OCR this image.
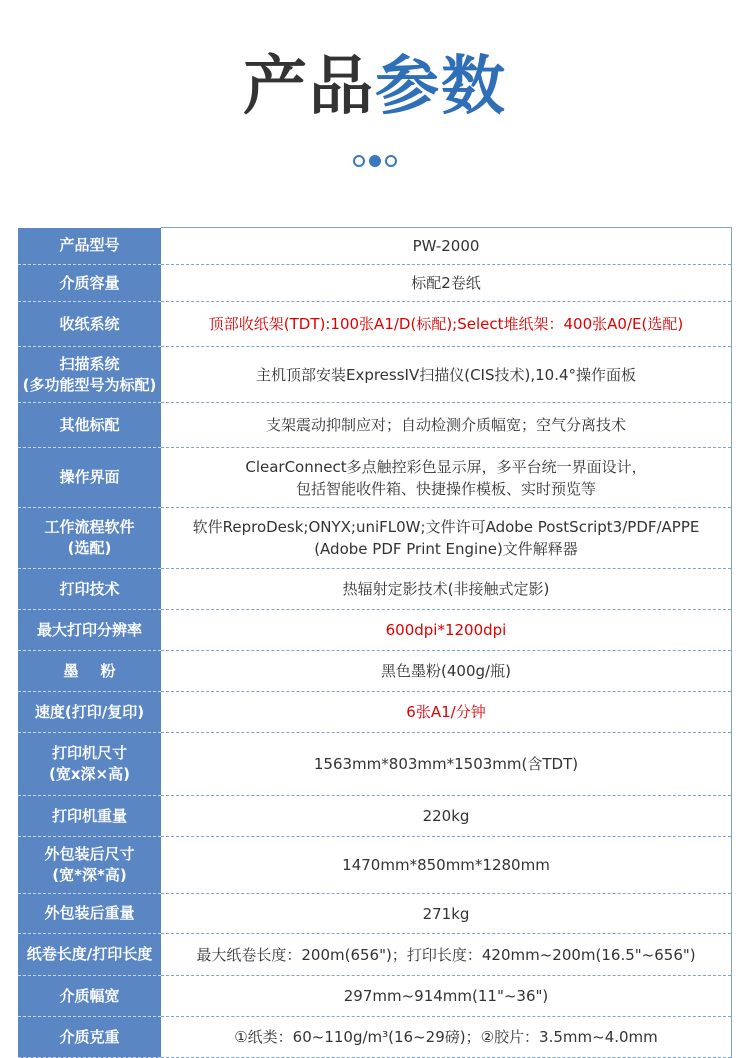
产品参数
产品型号	PW-2000

介质容量	标配2卷纸

收纸系统	顶部收纸架(TDT):100张A1/D(标配);Select堆纸架：400张A0/E(选配)

扫描系统
(多功能型号为标配)	主机顶部安装ExpressIV扫描仪(CIS技术),10.4°操作面板

其他标配	支架震动抑制应对；自动检测介质幅宽；空气分离技术

操作界面	ClearConnect多点触控彩色显示屏，多平台统一界面设计，
包括智能收件箱、快捷操作模板、实时预览等

工作流程软件
(选配)	软件ReproDesk;ONYX;uniFL0W;文件许可Adobe PostScript3/PDF/APPE
(Adobe PDF Print Engine)文件解释器

打印技术	热辐射定影技术(非接触式定影)

最大打印分辨率	600dpi*1200dpi

墨粉	黑色墨粉(400g/瓶)

速度(打印/复印)	6张A1/分钟

打印机尺寸
(宽x深×高)	1563mm*803mm*1503mm(含TDT)

打印机重量	220kg

外包装后尺寸
(宽*深*高)	1470mm*850mm*1280mm

外包装后重量	271kg

纸卷长度/打印长度	最大纸卷长度：200m(656")；打印长度：420mm~200m(16.5"~656")

介质幅宽	297mm~914mm(11"~36")

介质克重	①纸类：60~110g/m³(16~29磅)；②胶片：3.5mm~4.0mm
